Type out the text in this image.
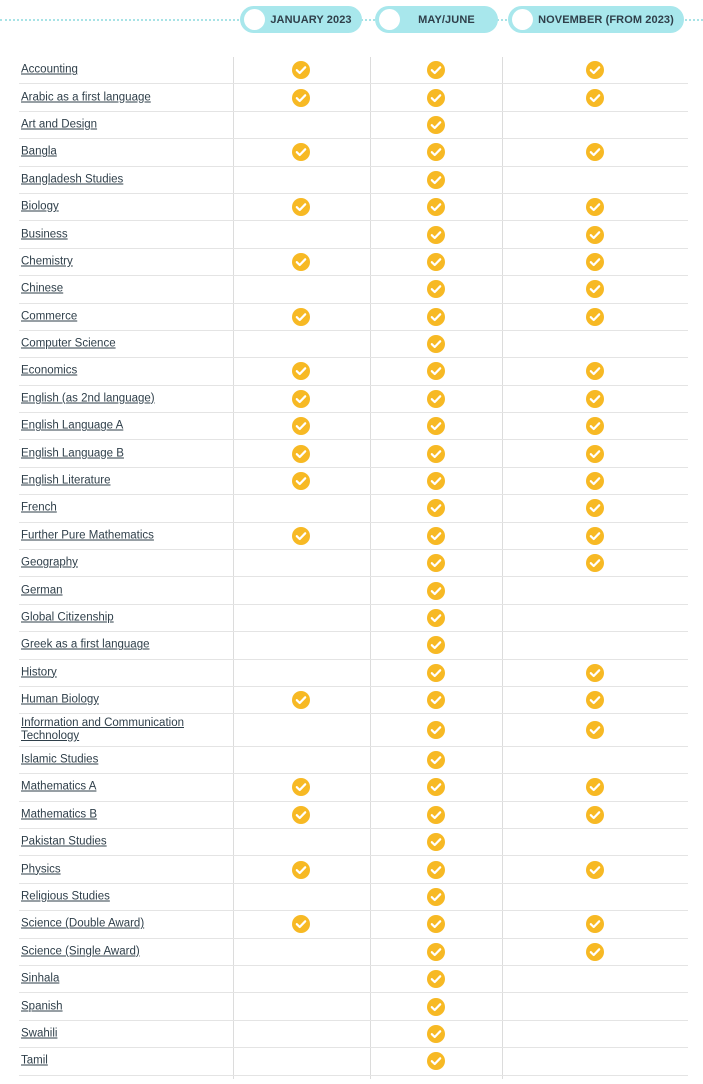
JANUARY 2023	MAY/JUNE	NOVEMBER (FROM 2023)
Accounting
Arabic as a first language
Art and Design
Bangla
Bangladesh Studies
Biology
Business
Chemistry
Chinese
Commerce
Computer Science
Economics
English (as 2nd language)
English Language A
English Language B
English Literature
French
Further Pure Mathematics
Geography
German
Global Citizenship
Greek as a first language
History
Human Biology
Information and Communication Technology
Islamic Studies
Mathematics A
Mathematics B
Pakistan Studies
Physics
Religious Studies
Science (Double Award)
Science (Single Award)
Sinhala
Spanish
Swahili
Tamil
